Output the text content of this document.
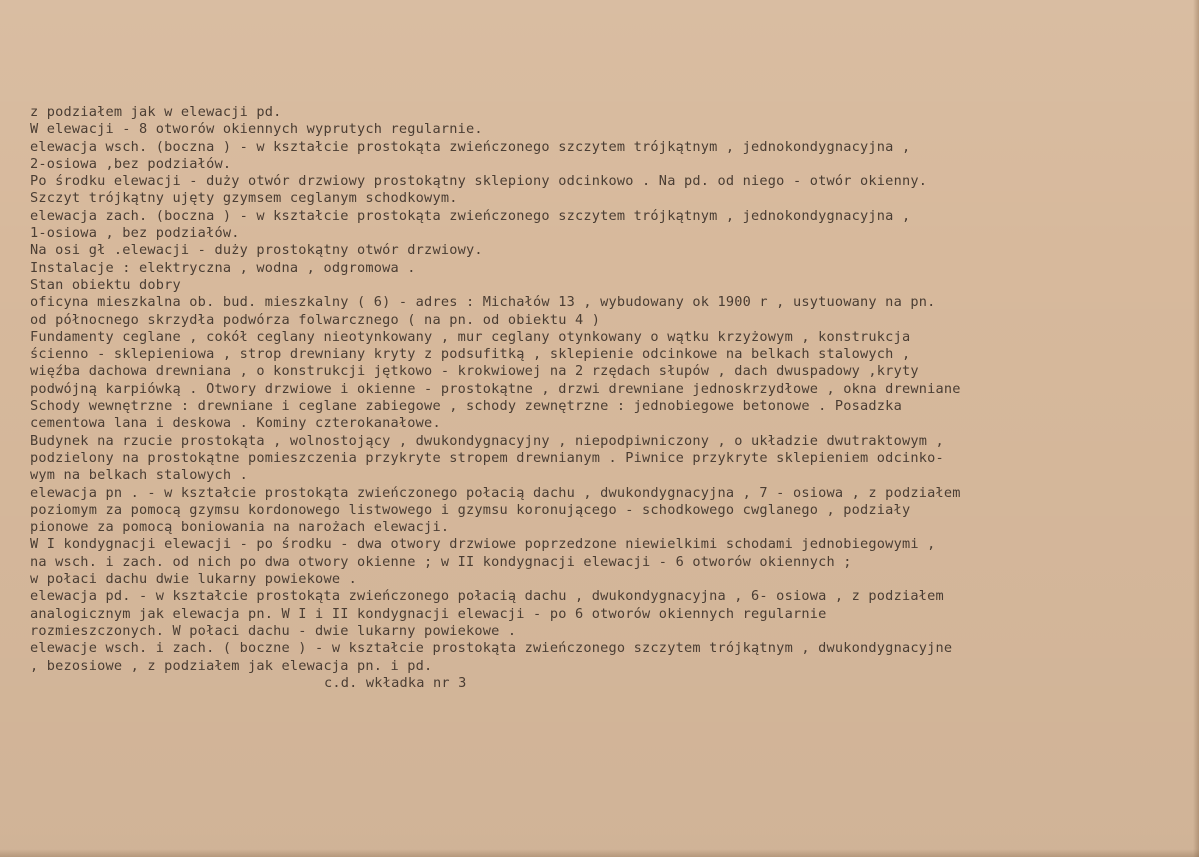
z podziałem jak w elewacji pd.
W elewacji - 8 otworów okiennych wyprutych regularnie.
elewacja wsch. (boczna ) - w kształcie prostokąta zwieńczonego szczytem trójkątnym , jednokondygnacyjna ,
2-osiowa ,bez podziałów.
Po środku elewacji - duży otwór drzwiowy prostokątny sklepiony odcinkowo . Na pd. od niego - otwór okienny.
Szczyt trójkątny ujęty gzymsem ceglanym schodkowym.
elewacja zach. (boczna ) - w kształcie prostokąta zwieńczonego szczytem trójkątnym , jednokondygnacyjna ,
1-osiowa , bez podziałów.
Na osi gł .elewacji - duży prostokątny otwór drzwiowy.
Instalacje : elektryczna , wodna , odgromowa .
Stan obiektu dobry
oficyna mieszkalna ob. bud. mieszkalny ( 6) - adres : Michałów 13 , wybudowany ok 1900 r , usytuowany na pn.
od północnego skrzydła podwórza folwarcznego ( na pn. od obiektu 4 )
Fundamenty ceglane , cokół ceglany nieotynkowany , mur ceglany otynkowany o wątku krzyżowym , konstrukcja
ścienno - sklepieniowa , strop drewniany kryty z podsufitką , sklepienie odcinkowe na belkach stalowych ,
więźba dachowa drewniana , o konstrukcji jętkowo - krokwiowej na 2 rzędach słupów , dach dwuspadowy ,kryty
podwójną karpiówką . Otwory drzwiowe i okienne - prostokątne , drzwi drewniane jednoskrzydłowe , okna drewniane
Schody wewnętrzne : drewniane i ceglane zabiegowe , schody zewnętrzne : jednobiegowe betonowe . Posadzka
cementowa lana i deskowa . Kominy czterokanałowe.
Budynek na rzucie prostokąta , wolnostojący , dwukondygnacyjny , niepodpiwniczony , o układzie dwutraktowym ,
podzielony na prostokątne pomieszczenia przykryte stropem drewnianym . Piwnice przykryte sklepieniem odcinko-
wym na belkach stalowych .
elewacja pn . - w kształcie prostokąta zwieńczonego połacią dachu , dwukondygnacyjna , 7 - osiowa , z podziałem
poziomym za pomocą gzymsu kordonowego listwowego i gzymsu koronującego - schodkowego cwglanego , podziały
pionowe za pomocą boniowania na narożach elewacji.
W I kondygnacji elewacji - po środku - dwa otwory drzwiowe poprzedzone niewielkimi schodami jednobiegowymi ,
na wsch. i zach. od nich po dwa otwory okienne ; w II kondygnacji elewacji - 6 otworów okiennych ;
w połaci dachu dwie lukarny powiekowe .
elewacja pd. - w kształcie prostokąta zwieńczonego połacią dachu , dwukondygnacyjna , 6- osiowa , z podziałem
analogicznym jak elewacja pn. W I i II kondygnacji elewacji - po 6 otworów okiennych regularnie
rozmieszczonych. W połaci dachu - dwie lukarny powiekowe .
elewacje wsch. i zach. ( boczne ) - w kształcie prostokąta zwieńczonego szczytem trójkątnym , dwukondygnacyjne
, bezosiowe , z podziałem jak elewacja pn. i pd.
c.d. wkładka nr 3
